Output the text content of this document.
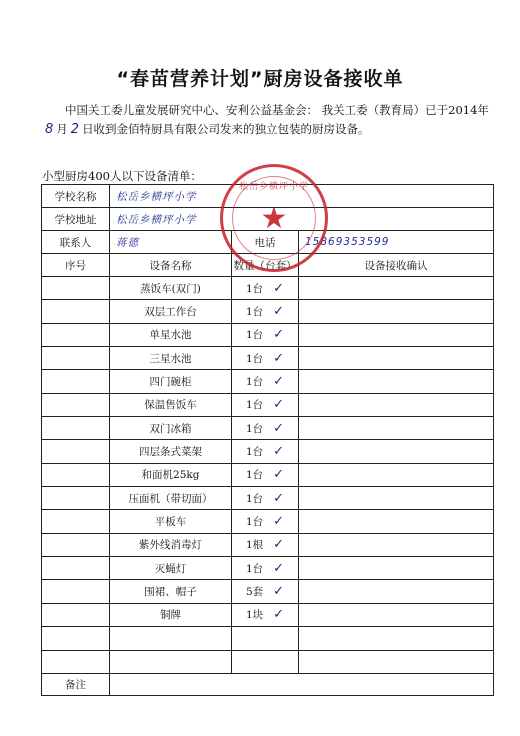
“春苗营养计划”厨房设备接收单
中国关工委儿童发展研究中心、安利公益基金会： 我关工委（教育局）已于2014年8 月 2 日收到金佰特厨具有限公司发来的独立包装的厨房设备。
小型厨房400人以下设备清单：
学校名称	松岳乡横坪小学		
学校地址	松岳乡横坪小学		
联系人	蒋德	电话	15869353599
序号	设备名称	数量（台套）	设备接收确认
	蒸饭车(双门)	1台 ✓	
	双层工作台	1台 ✓	
	单星水池	1台 ✓	
	三星水池	1台 ✓	
	四门碗柜	1台 ✓	
	保温售饭车	1台 ✓	
	双门冰箱	1台 ✓	
	四层条式菜架	1台 ✓	
	和面机25kg	1台 ✓	
	压面机（带切面）	1台 ✓	
	平板车	1台 ✓	
	紫外线消毒灯	1根 ✓	
	灭蝇灯	1台 ✓	
	围裙、帽子	5套 ✓	
	铜牌	1块 ✓	

备注			
松岳乡横坪小学
★
